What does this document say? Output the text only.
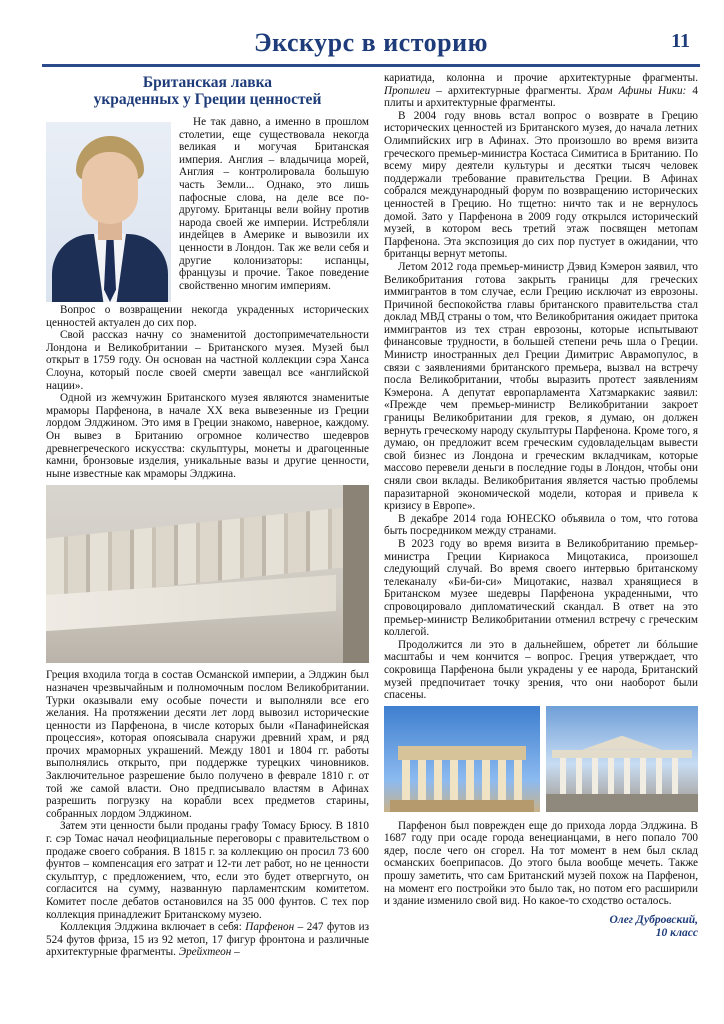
Экскурс в историю	11
Британская лавка
украденных у Греции ценностей

Не так давно, а именно в прошлом столетии, еще существовала некогда великая и могучая Британская империя. Англия – владычица морей, Англия – контролировала большую часть Земли... Однако, это лишь пафосные слова, на деле все по-другому. Британцы вели войну против народа своей же империи. Истребляли индейцев в Америке и вывозили их ценности в Лондон. Так же вели себя и другие колонизаторы: испанцы, французы и прочие. Такое поведение свойственно многим империям.

Вопрос о возвращении некогда украденных исторических ценностей актуален до сих пор.

Свой рассказ начну со знаменитой достопримечательности Лондона и Великобритании – Британского музея. Музей был открыт в 1759 году. Он основан на частной коллекции сэра Ханса Слоуна, который после своей смерти завещал все «английской нации».

Одной из жемчужин Британского музея являются знаменитые мраморы Парфенона, в начале XX века вывезенные из Греции лордом Элджином. Это имя в Греции знакомо, наверное, каждому. Он вывез в Британию огромное количество шедевров древнегреческого искусства: скульптуры, монеты и драгоценные камни, бронзовые изделия, уникальные вазы и другие ценности, ныне известные как мраморы Элджина.

Греция входила тогда в состав Османской империи, а Элджин был назначен чрезвычайным и полномочным послом Великобритании. Турки оказывали ему особые почести и выполняли все его желания. На протяжении десяти лет лорд вывозил исторические ценности из Парфенона, в числе которых были «Панафинейская процессия», которая опоясывала снаружи древний храм, и ряд прочих мраморных украшений. Между 1801 и 1804 гг. работы выполнялись открыто, при поддержке турецких чиновников. Заключительное разрешение было получено в феврале 1810 г. от той же самой власти. Оно предписывало властям в Афинах разрешить погрузку на корабли всех предметов старины, собранных лордом Элджином.

Затем эти ценности были проданы графу Томасу Брюсу. В 1810 г. сэр Томас начал неофициальные переговоры с правительством о продаже своего собрания. В 1815 г. за коллекцию он просил 73 600 фунтов – компенсация его затрат и 12-ти лет работ, но не ценности скульптур, с предложением, что, если это будет отвергнуто, он согласится на сумму, названную парламентским комитетом. Комитет после дебатов остановился на 35 000 фунтов. С тех пор коллекция принадлежит Британскому музею.

Коллекция Элджина включает в себя: Парфенон – 247 футов из 524 футов фриза, 15 из 92 метоп, 17 фигур фронтона и различные архитектурные фрагменты. Эрейхтеон –

кариатида, колонна и прочие архитектурные фрагменты. Пропилеи – архитектурные фрагменты. Храм Афины Ники: 4 плиты и архитектурные фрагменты.

В 2004 году вновь встал вопрос о возврате в Грецию исторических ценностей из Британского музея, до начала летних Олимпийских игр в Афинах. Это произошло во время визита греческого премьер-министра Костаса Симитиса в Британию. По всему миру деятели культуры и десятки тысяч человек поддержали требование правительства Греции. В Афинах собрался международный форум по возвращению исторических ценностей в Грецию. Но тщетно: ничто так и не вернулось домой. Зато у Парфенона в 2009 году открылся исторический музей, в котором весь третий этаж посвящен метопам Парфенона. Эта экспозиция до сих пор пустует в ожидании, что британцы вернут метопы.

Летом 2012 года премьер-министр Дэвид Кэмерон заявил, что Великобритания готова закрыть границы для греческих иммигрантов в том случае, если Грецию исключат из еврозоны. Причиной беспокойства главы британского правительства стал доклад МВД страны о том, что Великобритания ожидает притока иммигрантов из тех стран еврозоны, которые испытывают финансовые трудности, в большей степени речь шла о Греции. Министр иностранных дел Греции Димитрис Аврамопулос, в связи с заявлениями британского премьера, вызвал на встречу посла Великобритании, чтобы выразить протест заявлениям Кэмерона. А депутат европарламента Хатзмаркакис заявил: «Прежде чем премьер-министр Великобритании закроет границы Великобритании для греков, я думаю, он должен вернуть греческому народу скульптуры Парфенона. Кроме того, я думаю, он предложит всем греческим судовладельцам вывести свой бизнес из Лондона и греческим вкладчикам, которые массово перевели деньги в последние годы в Лондон, чтобы они сняли свои вклады. Великобритания является частью проблемы паразитарной экономической модели, которая и привела к кризису в Европе».

В декабре 2014 года ЮНЕСКО объявила о том, что готова быть посредником между странами.

В 2023 году во время визита в Великобританию премьер-министра Греции Кириакоса Мицотакиса, произошел следующий случай. Во время своего интервью британскому телеканалу «Би-би-си» Мицотакис, назвал хранящиеся в Британском музее шедевры Парфенона украденными, что спровоцировало дипломатический скандал. В ответ на это премьер-министр Великобритании отменил встречу с греческим коллегой.

Продолжится ли это в дальнейшем, обретет ли бóльшие масштабы и чем кончится – вопрос. Греция утверждает, что сокровища Парфенона были украдены у ее народа, Британский музей предпочитает точку зрения, что они наоборот были спасены.

Парфенон был поврежден еще до прихода лорда Элджина. В 1687 году при осаде города венецианцами, в него попало 700 ядер, после чего он сгорел. На тот момент в нем был склад османских боеприпасов. До этого была вообще мечеть. Также прошу заметить, что сам Британский музей похож на Парфенон, на момент его постройки это было так, но потом его расширили и здание изменило свой вид. Но какое-то сходство осталось.

Олег Дубровский,
10 класс
